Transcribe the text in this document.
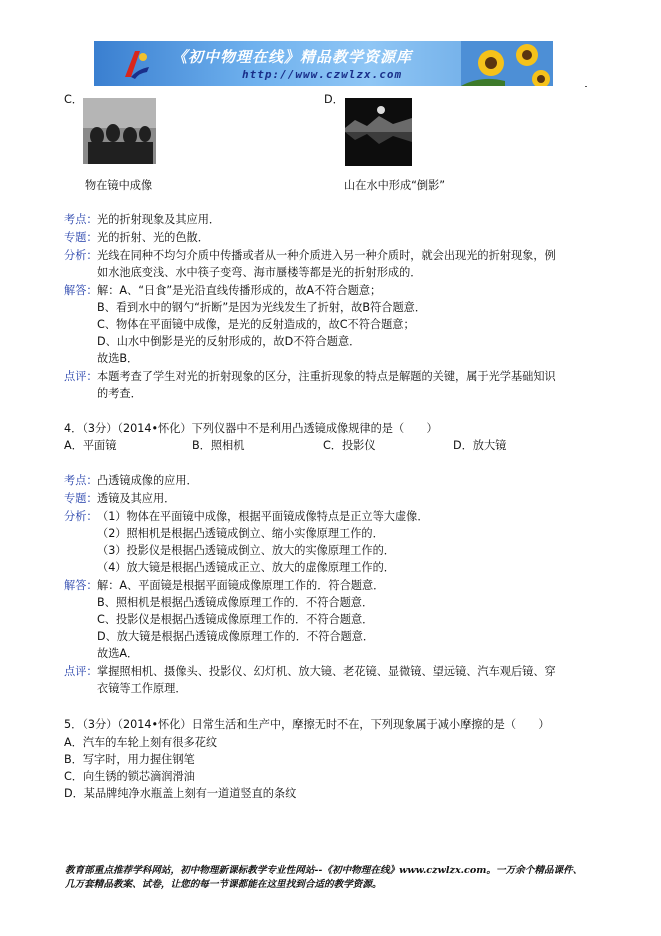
《初中物理在线》精品教学资源库
http://www.czwlzx.com
C．	D．
物在镜中成像	山在水中形成“倒影”
考点： 光的折射现象及其应用．
专题： 光的折射、光的色散．
分析： 光线在同种不均匀介质中传播或者从一种介质进入另一种介质时，就会出现光的折射现象，例
如水池底变浅、水中筷子变弯、海市蜃楼等都是光的折射形成的．
解答： 解：A、“日食”是光沿直线传播形成的，故A不符合题意；
B、看到水中的钢勺“折断”是因为光线发生了折射，故B符合题意．
C、物体在平面镜中成像，是光的反射造成的，故C不符合题意；
D、山水中倒影是光的反射形成的，故D不符合题意．
故选B．
点评： 本题考查了学生对光的折射现象的区分，注重折现象的特点是解题的关键，属于光学基础知识
的考查．
4．（3分）（2014•怀化）下列仪器中不是利用凸透镜成像规律的是（　　）
A．平面镜	B．照相机	C．投影仪	D．放大镜
考点： 凸透镜成像的应用．
专题： 透镜及其应用．
分析： （1）物体在平面镜中成像，根据平面镜成像特点是正立等大虚像．
（2）照相机是根据凸透镜成倒立、缩小实像原理工作的．
（3）投影仪是根据凸透镜成倒立、放大的实像原理工作的．
（4）放大镜是根据凸透镜成正立、放大的虚像原理工作的．
解答： 解：A、平面镜是根据平面镜成像原理工作的．符合题意．
B、照相机是根据凸透镜成像原理工作的．不符合题意．
C、投影仪是根据凸透镜成像原理工作的．不符合题意．
D、放大镜是根据凸透镜成像原理工作的．不符合题意．
故选A．
点评： 掌握照相机、摄像头、投影仪、幻灯机、放大镜、老花镜、显微镜、望远镜、汽车观后镜、穿
衣镜等工作原理．
5．（3分）（2014•怀化）日常生活和生产中，摩擦无时不在，下列现象属于减小摩擦的是（　　）
A．汽车的车轮上刻有很多花纹
B．写字时，用力握住钢笔
C．向生锈的锁芯滴润滑油
D．某品牌纯净水瓶盖上刻有一道道竖直的条纹
教育部重点推荐学科网站，初中物理新课标教学专业性网站--《初中物理在线》www.czwlzx.com。一万余个精品课件、
几万套精品教案、试卷，让您的每一节课都能在这里找到合适的教学资源。
